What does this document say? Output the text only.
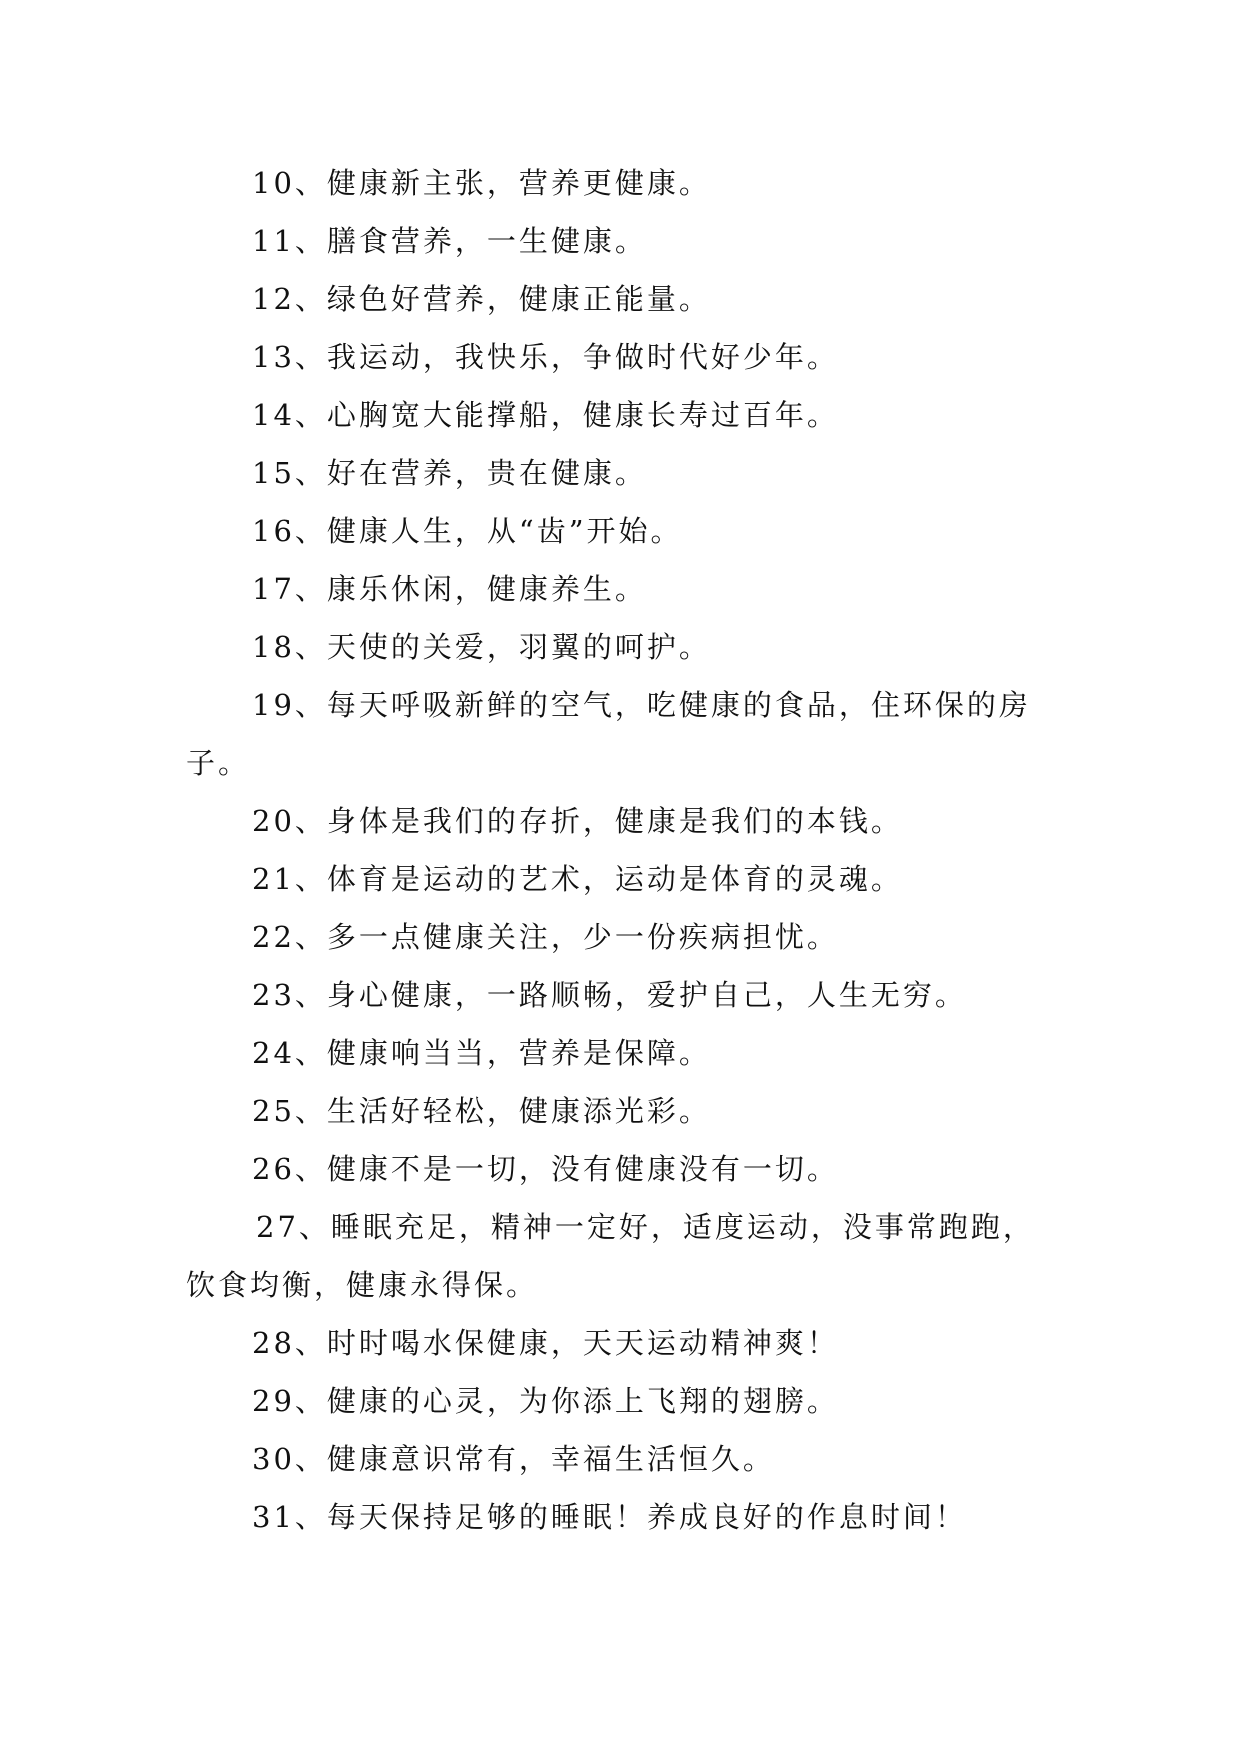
10、健康新主张，营养更健康。
11、膳食营养，一生健康。
12、绿色好营养，健康正能量。
13、我运动，我快乐，争做时代好少年。
14、心胸宽大能撑船，健康长寿过百年。
15、好在营养，贵在健康。
16、健康人生，从“齿”开始。
17、康乐休闲，健康养生。
18、天使的关爱，羽翼的呵护。
19、每天呼吸新鲜的空气，吃健康的食品，住环保的房
子。
20、身体是我们的存折，健康是我们的本钱。
21、体育是运动的艺术，运动是体育的灵魂。
22、多一点健康关注，少一份疾病担忧。
23、身心健康，一路顺畅，爱护自己，人生无穷。
24、健康响当当，营养是保障。
25、生活好轻松，健康添光彩。
26、健康不是一切，没有健康没有一切。
27、睡眠充足，精神一定好，适度运动，没事常跑跑，
饮食均衡，健康永得保。
28、时时喝水保健康，天天运动精神爽！
29、健康的心灵，为你添上飞翔的翅膀。
30、健康意识常有，幸福生活恒久。
31、每天保持足够的睡眠！养成良好的作息时间！
